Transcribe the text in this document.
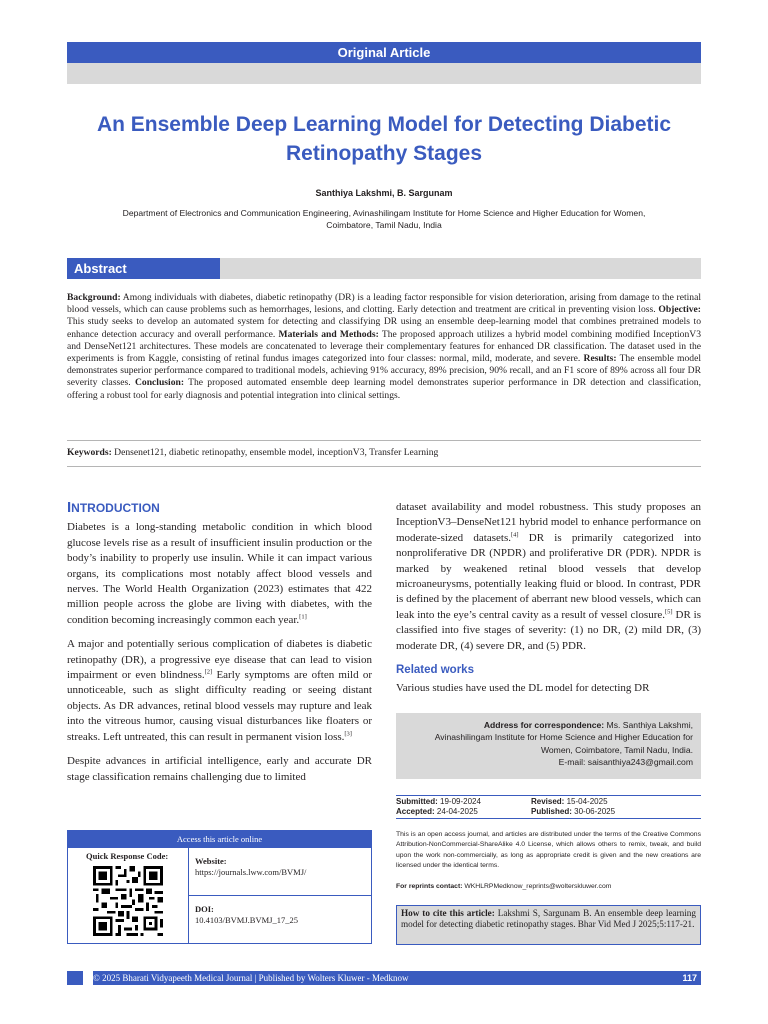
Original Article
An Ensemble Deep Learning Model for Detecting Diabetic Retinopathy Stages
Santhiya Lakshmi, B. Sargunam
Department of Electronics and Communication Engineering, Avinashilingam Institute for Home Science and Higher Education for Women,
Coimbatore, Tamil Nadu, India
Abstract
Background: Among individuals with diabetes, diabetic retinopathy (DR) is a leading factor responsible for vision deterioration, arising from damage to the retinal blood vessels, which can cause problems such as hemorrhages, lesions, and clotting. Early detection and treatment are critical in preventing vision loss. Objective: This study seeks to develop an automated system for detecting and classifying DR using an ensemble deep-learning model that combines pretrained models to enhance detection accuracy and overall performance. Materials and Methods: The proposed approach utilizes a hybrid model combining modified InceptionV3 and DenseNet121 architectures. These models are concatenated to leverage their complementary features for enhanced DR classification. The dataset used in the experiments is from Kaggle, consisting of retinal fundus images categorized into four classes: normal, mild, moderate, and severe. Results: The ensemble model demonstrates superior performance compared to traditional models, achieving 91% accuracy, 89% precision, 90% recall, and an F1 score of 89% across all four DR severity classes. Conclusion: The proposed automated ensemble deep learning model demonstrates superior performance in DR detection and classification, offering a robust tool for early diagnosis and potential integration into clinical settings.
Keywords: Densenet121, diabetic retinopathy, ensemble model, inceptionV3, Transfer Learning
INTRODUCTION

Diabetes is a long-standing metabolic condition in which blood glucose levels rise as a result of insufficient insulin production or the body’s inability to properly use insulin. While it can impact various organs, its complications most notably affect blood vessels and nerves. The World Health Organization (2023) estimates that 422 million people across the globe are living with diabetes, with the condition becoming increasingly common each year.[1]

A major and potentially serious complication of diabetes is diabetic retinopathy (DR), a progressive eye disease that can lead to vision impairment or even blindness.[2] Early symptoms are often mild or unnoticeable, such as slight difficulty reading or seeing distant objects. As DR advances, retinal blood vessels may rupture and leak into the vitreous humor, causing visual disturbances like floaters or streaks. Left untreated, this can result in permanent vision loss.[3]

Despite advances in artificial intelligence, early and accurate DR stage classification remains challenging due to limited

Access this article online
Quick Response Code:	Website:
https://journals.lww.com/BVMJ/
DOI:
10.4103/BVMJ.BVMJ_17_25

dataset availability and model robustness. This study proposes an InceptionV3–DenseNet121 hybrid model to enhance performance on moderate-sized datasets.[4] DR is primarily categorized into nonproliferative DR (NPDR) and proliferative DR (PDR). NPDR is marked by weakened retinal blood vessels that develop microaneurysms, potentially leaking fluid or blood. In contrast, PDR is defined by the placement of aberrant new blood vessels, which can leak into the eye’s central cavity as a result of vessel closure.[5] DR is classified into five stages of severity: (1) no DR, (2) mild DR, (3) moderate DR, (4) severe DR, and (5) PDR.

Related works

Various studies have used the DL model for detecting DR

Address for correspondence: Ms. Santhiya Lakshmi,
Avinashilingam Institute for Home Science and Higher Education for
Women, Coimbatore, Tamil Nadu, India.
E-mail: saisanthiya243@gmail.com
Submitted: 19-09-2024	Revised: 15-04-2025
Accepted: 24-04-2025	Published: 30-06-2025
This is an open access journal, and articles are distributed under the terms of the Creative Commons Attribution-NonCommercial-ShareAlike 4.0 License, which allows others to remix, tweak, and build upon the work non-commercially, as long as appropriate credit is given and the new creations are licensed under the identical terms.
For reprints contact: WKHLRPMedknow_reprints@wolterskluwer.com
How to cite this article: Lakshmi S, Sargunam B. An ensemble deep learning model for detecting diabetic retinopathy stages. Bhar Vid Med J 2025;5:117-21.
© 2025 Bharati Vidyapeeth Medical Journal | Published by Wolters Kluwer - Medknow	117
